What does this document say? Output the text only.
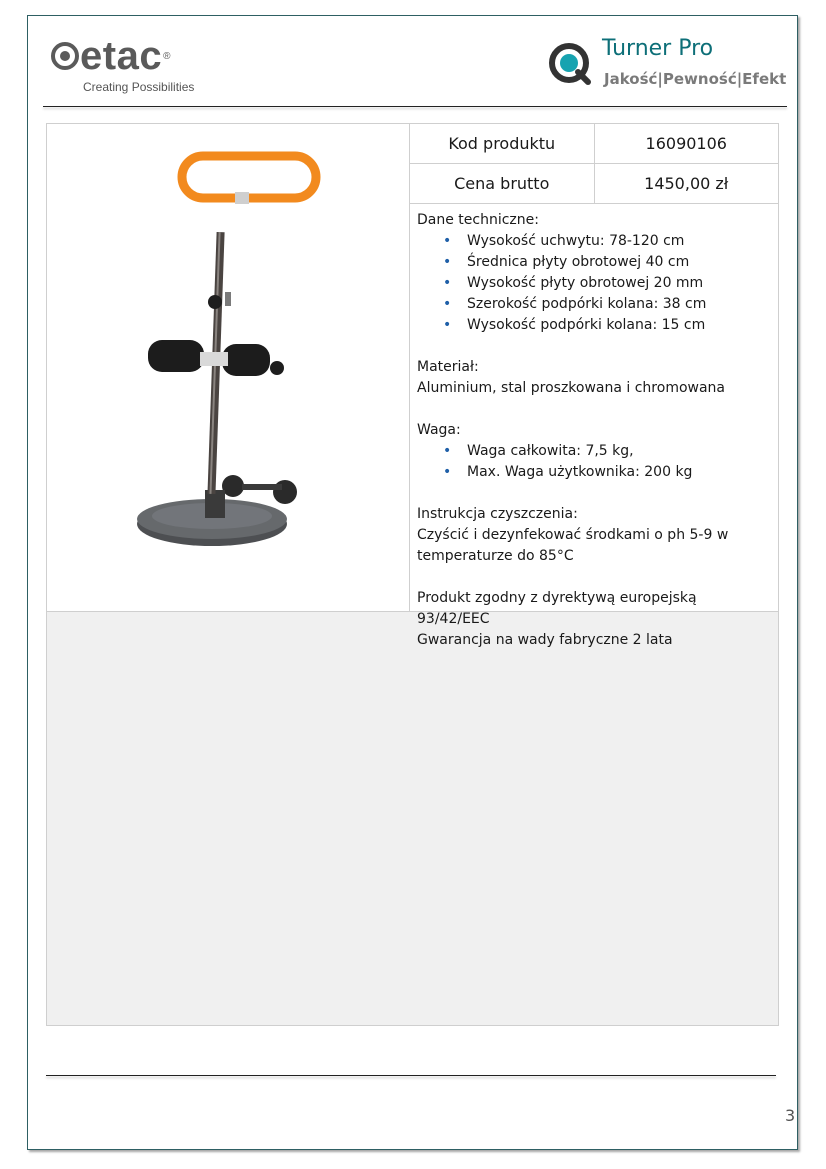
etac ®
Creating Possibilities
Turner Pro
Jakość|Pewność|Efekt
Kod produktu	16090106
Cena brutto	1450,00 zł
Dane techniczne:
• Wysokość uchwytu: 78-120 cm
• Średnica płyty obrotowej 40 cm
• Wysokość płyty obrotowej 20 mm
• Szerokość podpórki kolana: 38 cm
• Wysokość podpórki kolana: 15 cm
Materiał:
Aluminium, stal proszkowana i chromowana
Waga:
• Waga całkowita: 7,5 kg,
• Max. Waga użytkownika: 200 kg
Instrukcja czyszczenia:
Czyścić i dezynfekować środkami o ph 5-9 w
temperaturze do 85°C
Produkt zgodny z dyrektywą europejską 93/42/EEC
Gwarancja na wady fabryczne 2 lata
3
